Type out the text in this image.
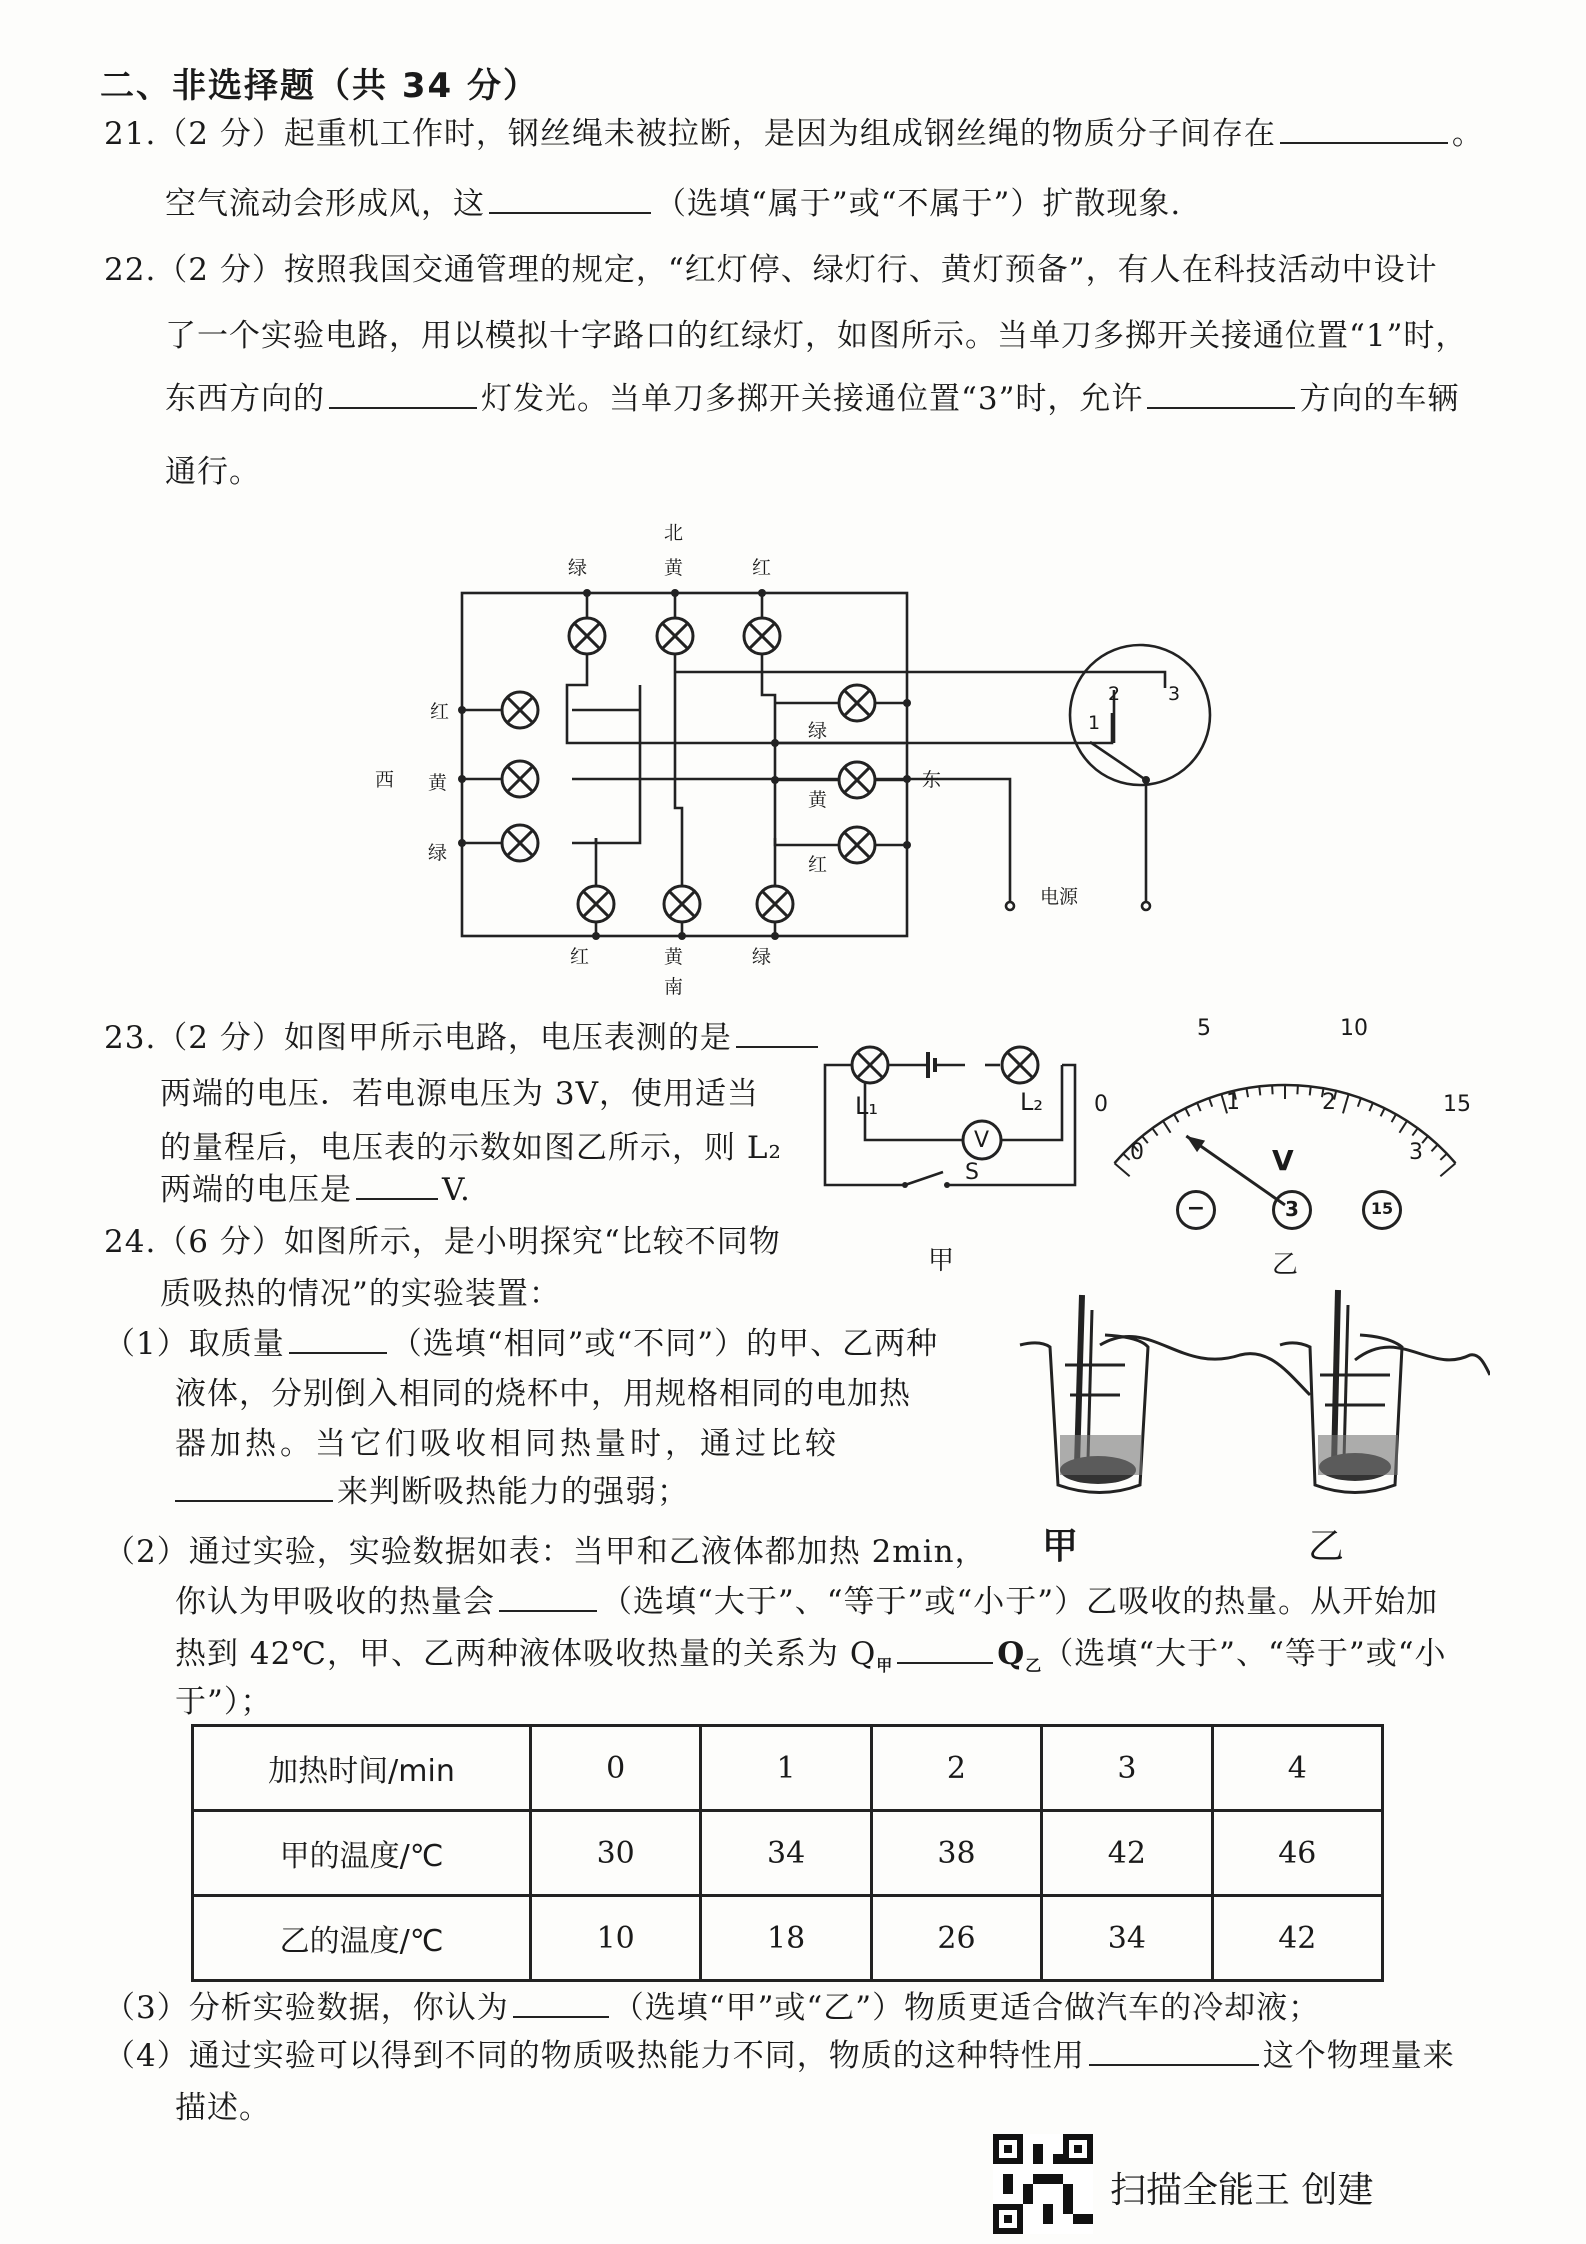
二、非选择题（共 34 分）
21.（2 分）起重机工作时，钢丝绳未被拉断，是因为组成钢丝绳的物质分子间存在	。
空气流动会形成风，这	（选填“属于”或“不属于”）扩散现象.
22.（2 分）按照我国交通管理的规定，“红灯停、绿灯行、黄灯预备”，有人在科技活动中设计
了一个实验电路，用以模拟十字路口的红绿灯，如图所示。当单刀多掷开关接通位置“1”时，
东西方向的	灯发光。当单刀多掷开关接通位置“3”时，允许	方向的车辆
通行。
北
绿	黄	红
红
西 黄
绿
绿
黄
东
红
红	黄	绿
南
1
2	3
电源
23.（2 分）如图甲所示电路，电压表测的是
两端的电压．若电源电压为 3V，使用适当
的量程后，电压表的示数如图乙所示，则 L₂
两端的电压是	V.
L₁	L₂
V
S
甲
0
5	10
15
0
1	2
3
V
−	3	15
乙
24.（6 分）如图所示，是小明探究“比较不同物
质吸热的情况”的实验装置：
（1）取质量	（选填“相同”或“不同”）的甲、乙两种
液体，分别倒入相同的烧杯中，用规格相同的电加热
器加热。当它们吸收相同热量时，通过比较
来判断吸热能力的强弱；
（2）通过实验，实验数据如表：当甲和乙液体都加热 2min，
你认为甲吸收的热量会	（选填“大于”、“等于”或“小于”）乙吸收的热量。从开始加
热到 42℃，甲、乙两种液体吸收热量的关系为 $Q_甲$	$Q_乙$（选填“大于”、“等于”或“小
于”）；
甲	乙
加热时间/min	0	1	2	3	4
甲的温度/℃	30	34	38	42	46
乙的温度/℃	10	18	26	34	42
（3）分析实验数据，你认为	（选填“甲”或“乙”）物质更适合做汽车的冷却液；
（4）通过实验可以得到不同的物质吸热能力不同，物质的这种特性用	这个物理量来
描述。
扫描全能王 创建
